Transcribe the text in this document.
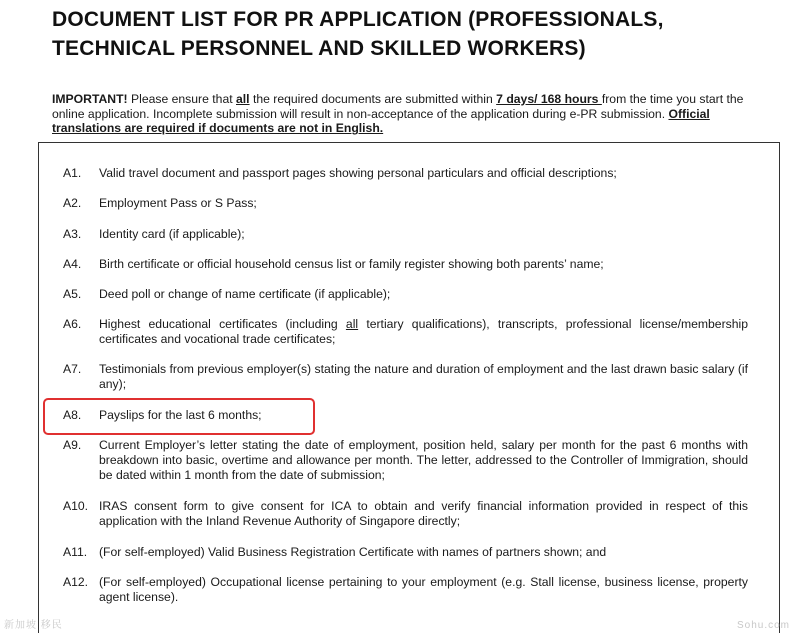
DOCUMENT LIST FOR PR APPLICATION (PROFESSIONALS, TECHNICAL PERSONNEL AND SKILLED WORKERS)

IMPORTANT! Please ensure that all the required documents are submitted within 7 days/ 168 hours from the time you start the online application. Incomplete submission will result in non-acceptance of the application during e-PR submission. Official translations are required if documents are not in English.

A1.	Valid travel document and passport pages showing personal particulars and official descriptions;
A2.	Employment Pass or S Pass;
A3.	Identity card (if applicable);
A4.	Birth certificate or official household census list or family register showing both parents’ name;
A5.	Deed poll or change of name certificate (if applicable);
A6.	Highest educational certificates (including all tertiary qualifications), transcripts, professional license/membership certificates and vocational trade certificates;
A7.	Testimonials from previous employer(s) stating the nature and duration of employment and the last drawn basic salary (if any);
A8.	Payslips for the last 6 months;
A9.	Current Employer’s letter stating the date of employment, position held, salary per month for the past 6 months with breakdown into basic, overtime and allowance per month. The letter, addressed to the Controller of Immigration, should be dated within 1 month from the date of submission;
A10. IRAS consent form to give consent for ICA to obtain and verify financial information provided in respect of this application with the Inland Revenue Authority of Singapore directly;
A11. (For self-employed) Valid Business Registration Certificate with names of partners shown; and
A12. (For self-employed) Occupational license pertaining to your employment (e.g. Stall license, business license, property agent license).
新加坡 移民	Sohu.com
